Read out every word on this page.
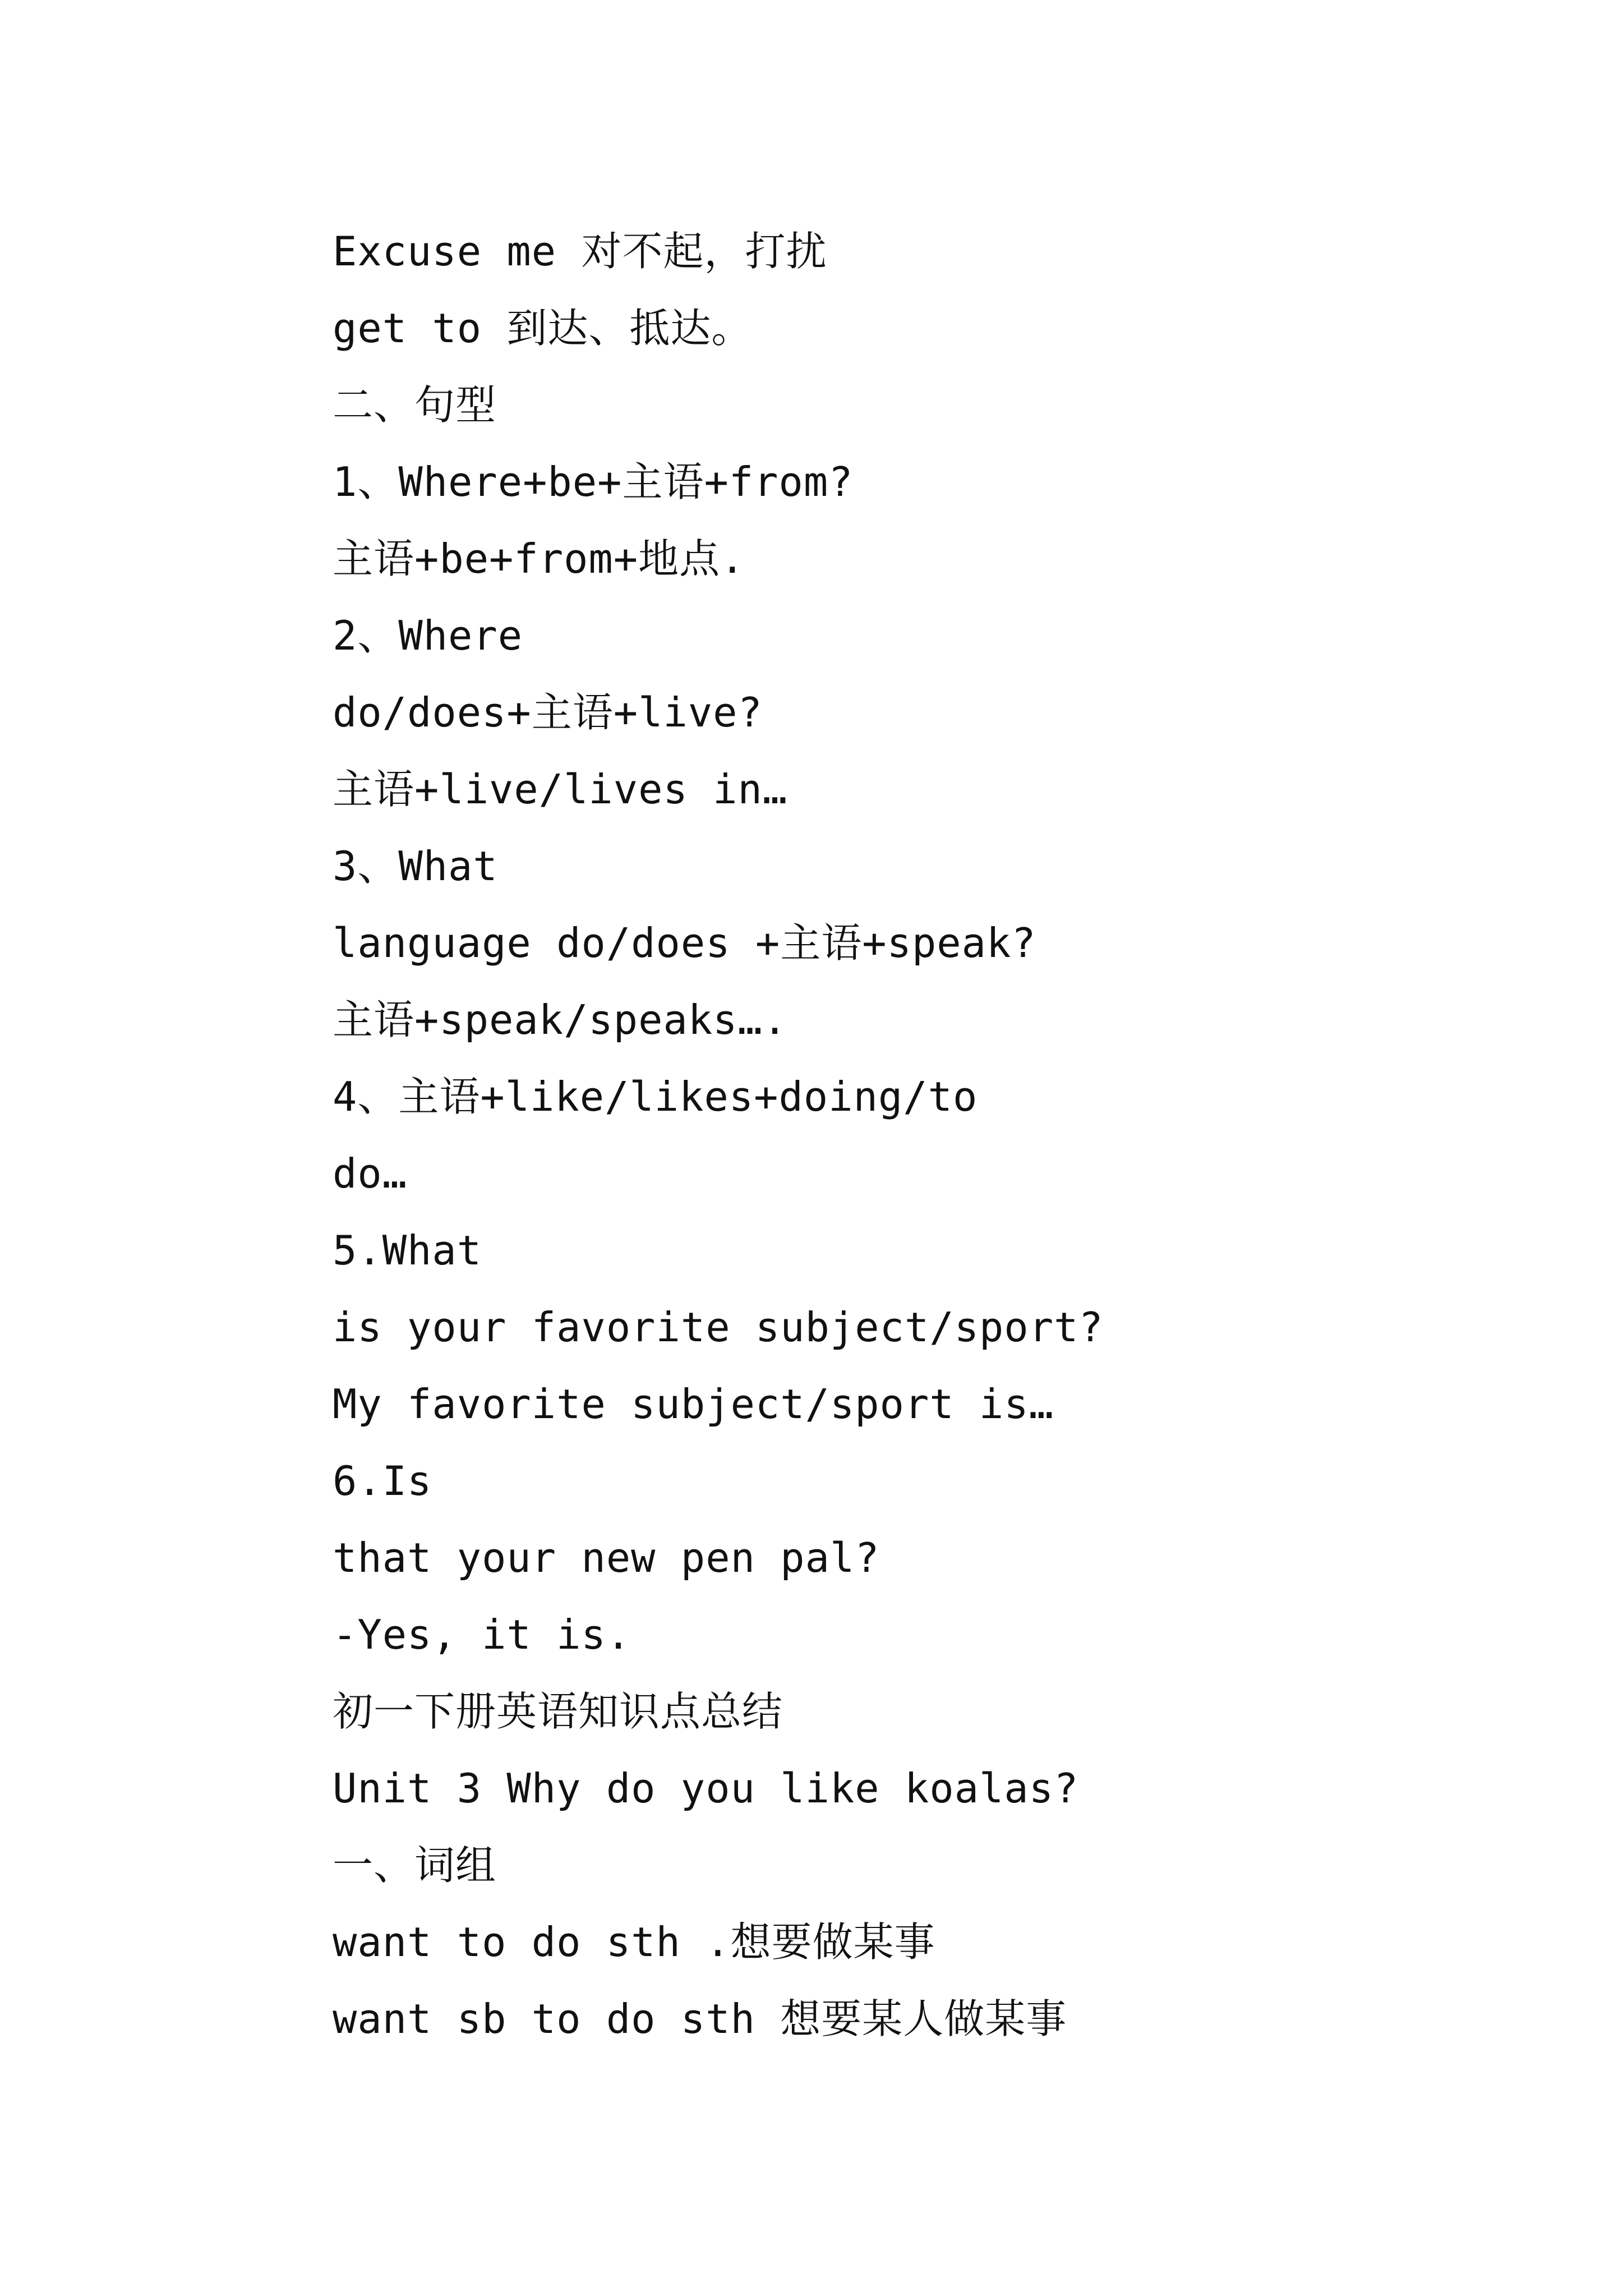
Excuse me 对不起，打扰
get to 到达、抵达。
二、句型
1、Where+be+主语+from?
主语+be+from+地点.
2、Where
do/does+主语+live?
主语+live/lives in…
3、What
language do/does +主语+speak?
主语+speak/speaks….
4、主语+like/likes+doing/to
do…
5.What
is your favorite subject/sport?
My favorite subject/sport is…
6.Is
that your new pen pal?
-Yes, it is.
初一下册英语知识点总结
Unit 3 Why do you like koalas?
一、词组
want to do sth .想要做某事
want sb to do sth 想要某人做某事
